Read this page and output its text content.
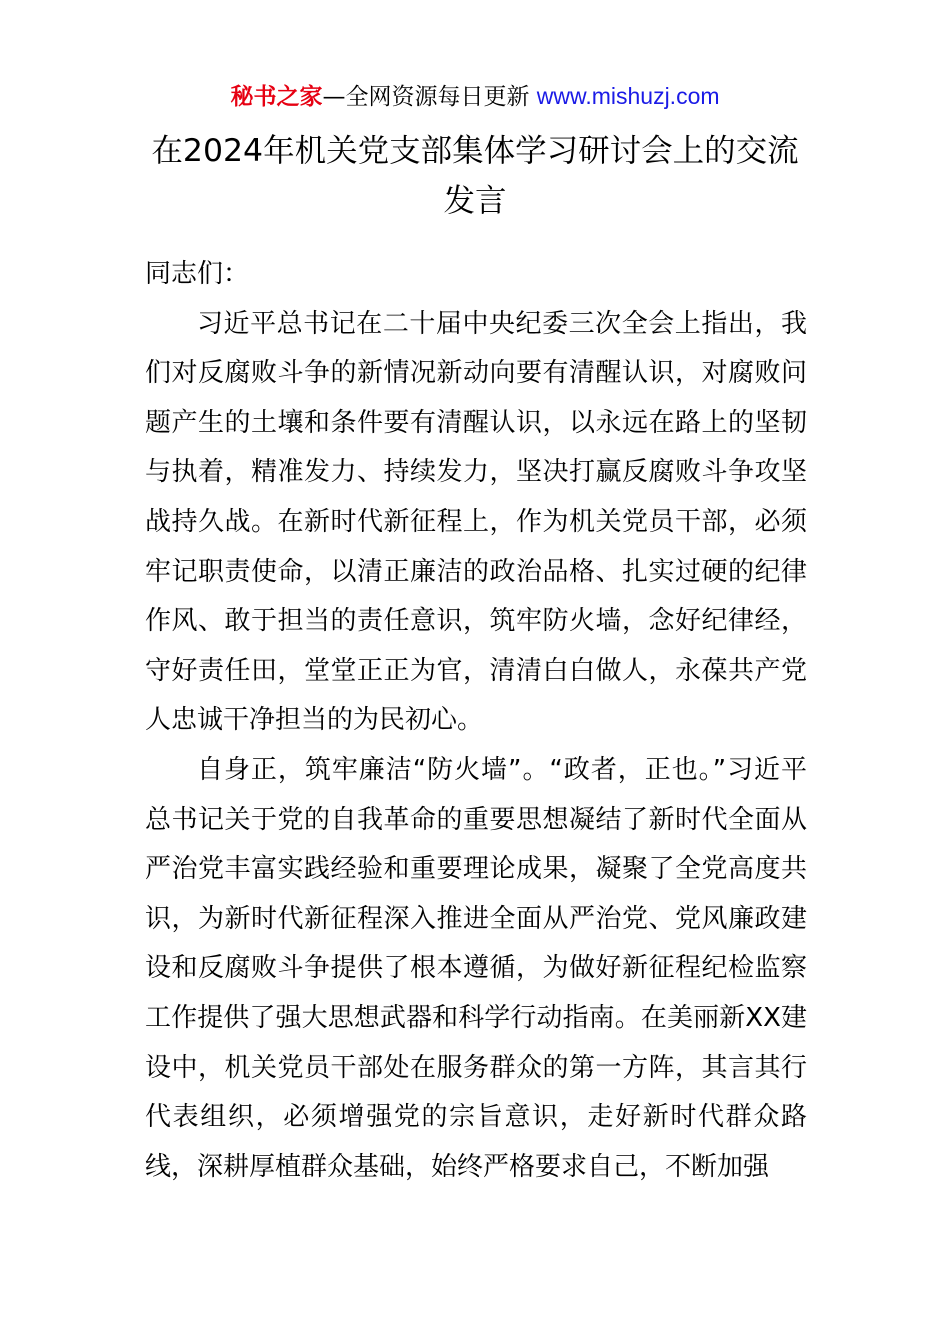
秘书之家—全网资源每日更新 www.mishuzj.com
在2024年机关党支部集体学习研讨会上的交流发言

同志们：

习近平总书记在二十届中央纪委三次全会上指出，我们对反腐败斗争的新情况新动向要有清醒认识，对腐败问题产生的土壤和条件要有清醒认识，以永远在路上的坚韧与执着，精准发力、持续发力，坚决打赢反腐败斗争攻坚战持久战。在新时代新征程上，作为机关党员干部，必须牢记职责使命，以清正廉洁的政治品格、扎实过硬的纪律作风、敢于担当的责任意识，筑牢防火墙，念好纪律经，守好责任田，堂堂正正为官，清清白白做人，永葆共产党人忠诚干净担当的为民初心。

自身正，筑牢廉洁“防火墙”。“政者，正也。”习近平总书记关于党的自我革命的重要思想凝结了新时代全面从严治党丰富实践经验和重要理论成果，凝聚了全党高度共识，为新时代新征程深入推进全面从严治党、党风廉政建设和反腐败斗争提供了根本遵循，为做好新征程纪检监察工作提供了强大思想武器和科学行动指南。在美丽新XX建设中，机关党员干部处在服务群众的第一方阵，其言其行代表组织，必须增强党的宗旨意识，走好新时代群众路线，深耕厚植群众基础，始终严格要求自己，不断加强
